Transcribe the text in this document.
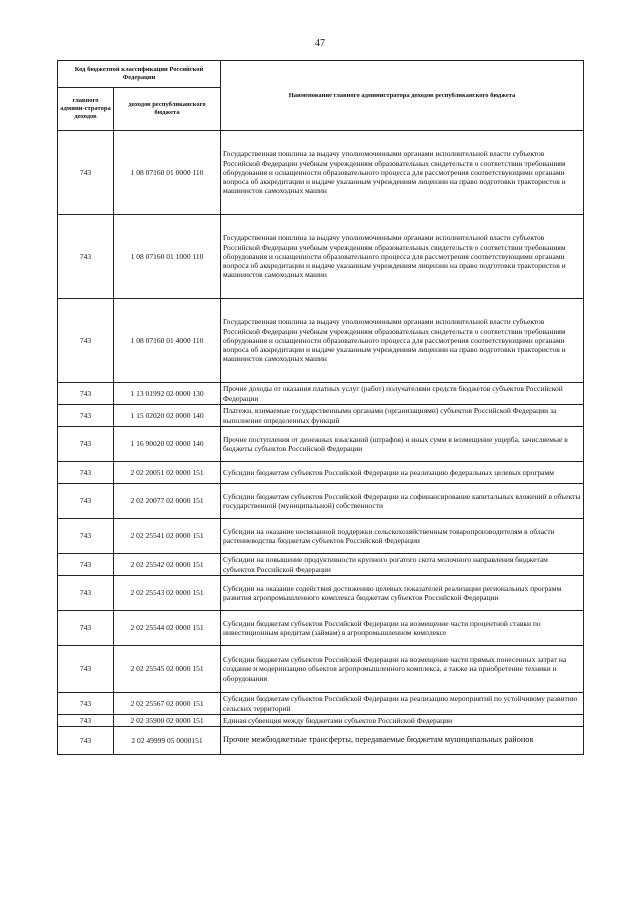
47
Код бюджетной классификации Российской Федерации		Наименование главного администратора доходов республиканского бюджета
главного админи-стратора доходов	доходов республиканского бюджета	
743	1 08 07160 01 0000 110	Государственная пошлина за выдачу уполномоченными органами исполнительной власти субъектов Российской Федерации учебным учреждениям образовательных свидетельств о соответствии требованиям оборудования и оснащенности образовательного процесса для рассмотрения соответствующими органами вопроса об аккредитации и выдаче указанным учреждениям лицензии на право подготовки трактористов и машинистов самоходных машин
743	1 08 07160 01 1000 110	Государственная пошлина за выдачу уполномоченными органами исполнительной власти субъектов Российской Федерации учебным учреждениям образовательных свидетельств о соответствии требованиям оборудования и оснащенности образовательного процесса для рассмотрения соответствующими органами вопроса об аккредитации и выдаче указанным учреждениям лицензии на право подготовки трактористов и машинистов самоходных машин
743	1 08 07160 01 4000 110	Государственная пошлина за выдачу уполномоченными органами исполнительной власти субъектов Российской Федерации учебным учреждениям образовательных свидетельств о соответствии требованиям оборудования и оснащенности образовательного процесса для рассмотрения соответствующими органами вопроса об аккредитации и выдаче указанным учреждениям лицензии на право подготовки трактористов и машинистов самоходных машин
743	1 13 01992 02 0000 130	Прочие доходы от оказания платных услуг (работ) получателями средств бюджетов субъектов Российской Федерации
743	1 15 02020 02 0000 140	Платежи, взимаемые государственными органами (организациями) субъектов Российской Федерации за выполнение определенных функций
743	1 16 90020 02 0000 140	Прочие поступления от денежных взысканий (штрафов) и иных сумм в возмещение ущерба, зачисляемые в бюджеты субъектов Российской Федерации
743	2 02 20051 02 0000 151	Субсидии бюджетам субъектов Российской Федерации на реализацию федеральных целевых программ
743	2 02 20077 02 0000 151	Субсидии бюджетам субъектов Российской Федерации на софинансирование капитальных вложений в объекты государственной (муниципальной) собственности
743	2 02 25541 02 0000 151	Субсидии на оказание несвязанной поддержки сельскохозяйственным товаропроизводителям в области растениеводства бюджетам субъектов Российской Федерации
743	2 02 25542 02 0000 151	Субсидии на повышение продуктивности крупного рогатого скота молочного направления бюджетам субъектов Российской Федерации
743	2 02 25543 02 0000 151	Субсидии на оказание содействия достижению целевых показателей реализации региональных программ развития агропромышленного комплекса бюджетам субъектов Российской Федерации
743	2 02 25544 02 0000 151	Субсидии бюджетам субъектов Российской Федерации на возмещение части процентной ставки по инвестиционным кредитам (займам) в агропромышленном комплексе
743	2 02 25545 02 0000 151	Субсидии бюджетам субъектов Российской Федерации на возмещение части прямых понесенных затрат на создание и модернизацию объектов агропромышленного комплекса, а также на приобретение техники и оборудования
743	2 02 25567 02 0000 151	Субсидии бюджетам субъектов Российской Федерации на реализацию мероприятий по устойчивому развитию сельских территорий
743	2 02 35900 02 0000 151	Единая субвенция между бюджетами субъектов Российской Федерации
743	2 02 49999 05 0000151	Прочие межбюджетные трансферты, передаваемые бюджетам муниципальных районов
